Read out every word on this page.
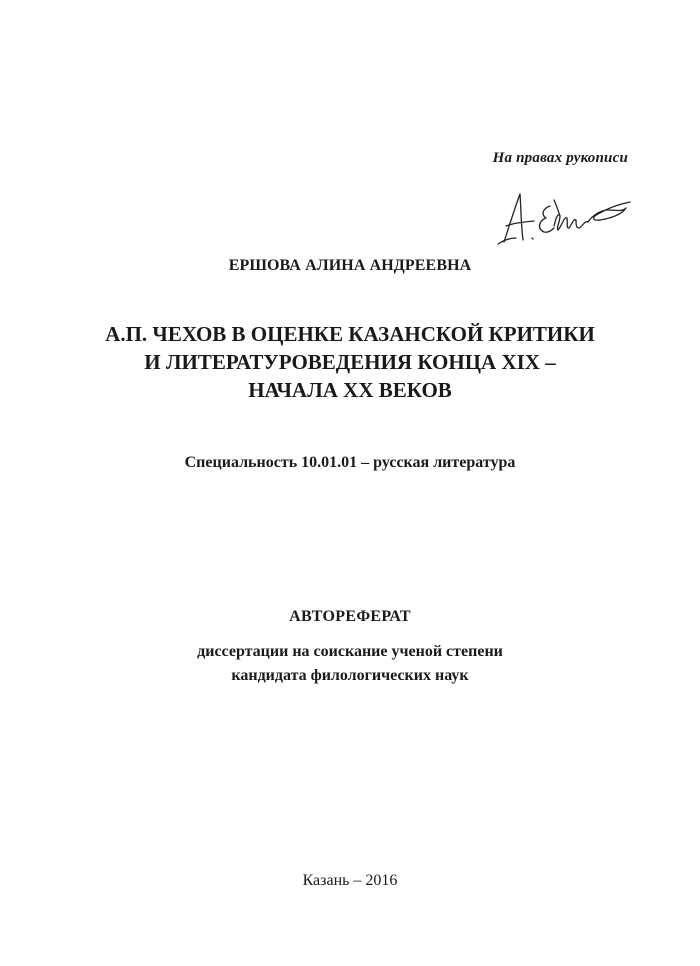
На правах рукописи
ЕРШОВА АЛИНА АНДРЕЕВНА
А.П. ЧЕХОВ В ОЦЕНКЕ КАЗАНСКОЙ КРИТИКИ
И ЛИТЕРАТУРОВЕДЕНИЯ КОНЦА XIX –
НАЧАЛА XX ВЕКОВ
Специальность 10.01.01 – русская литература
АВТОРЕФЕРАТ
диссертации на соискание ученой степени
кандидата филологических наук
Казань – 2016
